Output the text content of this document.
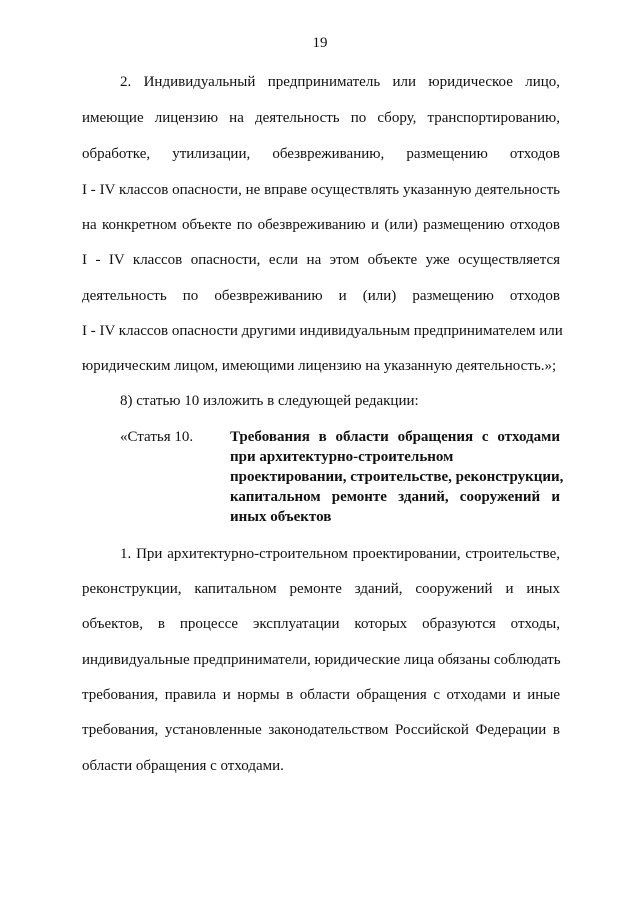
19
2. Индивидуальный предприниматель или юридическое лицо,
имеющие лицензию на деятельность по сбору, транспортированию,
обработке, утилизации, обезвреживанию, размещению отходов
I - IV классов опасности, не вправе осуществлять указанную деятельность
на конкретном объекте по обезвреживанию и (или) размещению отходов
I - IV классов опасности, если на этом объекте уже осуществляется
деятельность по обезвреживанию и (или) размещению отходов
I - IV классов опасности другими индивидуальным предпринимателем или
юридическим лицом, имеющими лицензию на указанную деятельность.»;
8) статью 10 изложить в следующей редакции:
«Статья 10. Требования в области обращения с отходами
при архитектурно-строительном
проектировании, строительстве, реконструкции,
капитальном ремонте зданий, сооружений и
иных объектов
1. При архитектурно-строительном проектировании, строительстве,
реконструкции, капитальном ремонте зданий, сооружений и иных
объектов, в процессе эксплуатации которых образуются отходы,
индивидуальные предприниматели, юридические лица обязаны соблюдать
требования, правила и нормы в области обращения с отходами и иные
требования, установленные законодательством Российской Федерации в
области обращения с отходами.
